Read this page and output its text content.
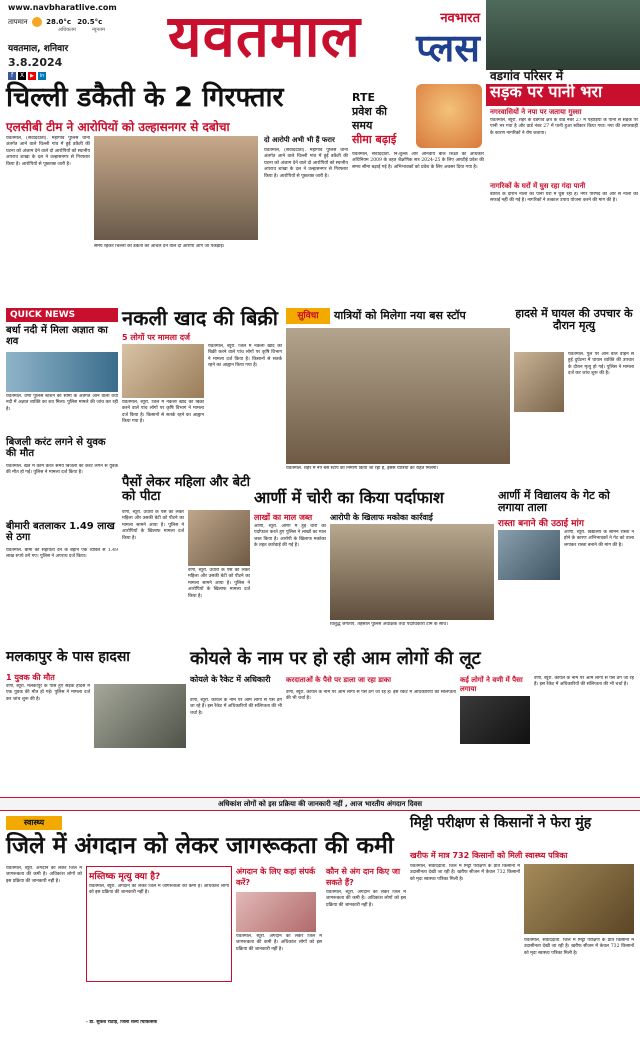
www.navbharatlive.com
तापमान	28.0°c 20.5°c
अधिकतम	न्यूनतम
यवतमाल, शनिवार
3.8.2024
f	X	▶	in
यवतमाल	नवभारत
प्लस
वडगांव परिसर में
सड़क पर पानी भरा
नगरवासियों ने नपा पर जताया गुस्सा
यवतमाल, ब्यूरो. शहर के वडगांव क्षेत्र के वार्ड नंबर 27 में पहाड़ियों के पानी से सड़क पर पानी भर गया है और वार्ड नंबर 27 में पानी हुआ स्वीकार किया गया। नपा की लापरवाही के कारण नागरिकों ने रोष जताया।
नागरिकों के घरों में घुस रहा गंदा पानी
बारिश के दौरान नालों का पानी घरों में घुस रहा है। नगर परिषद की ओर से नालों की सफाई नहीं की गई है। नागरिकों ने तत्काल उपाय योजना करने की मांग की है।
चिल्ली डकैती के 2 गिरफ्तार
एलसीबी टीम ने आरोपियों को उल्हासनगर से दबोचा
यवतमाल, (संवाददाता). महागांव पुलिस थाना अंतर्गत आने वाले चिल्ली गांव में हुई डकैती की घटना को अंजाम देने वाले दो आरोपियों को स्थानीय अपराध शाखा के दल ने उल्हासनगर से गिरफ्तार किया है। आरोपियों से पूछताछ जारी है।
समय रहकर चिल्ली की डकैती की आंचल देने वाले दो आरोपी आगे जा पकड़ाई।
दो आरोपी अभी भी हैं फरार
यवतमाल, (संवाददाता). महागांव पुलिस थाना अंतर्गत आने वाले चिल्ली गांव में हुई डकैती की घटना को अंजाम देने वाले दो आरोपियों को स्थानीय अपराध शाखा के दल ने उल्हासनगर से गिरफ्तार किया है। आरोपियों से पूछताछ जारी है।
RTE
प्रवेश की
समय
सीमा बढ़ाई
यवतमाल, संवाददाता. नि:शुल्क और अनिवार्य बाल शिक्षा का अधिकार अधिनियम 2009 के तहत शैक्षणिक सत्र 2024-25 के लिए आरटीई प्रवेश की समय सीमा बढ़ाई गई है। अभिभावकों को प्रवेश के लिए अवसर दिया गया है।
QUICK NEWS
बर्धा नदी में मिला अज्ञात का शव
यवतमाल. वणी पुलिस स्टेशन की सीमा के अंतर्गत आने वाली वर्धा नदी में अज्ञात व्यक्ति का शव मिला। पुलिस मामले की जांच कर रही है।
बिजली करंट लगने से युवक की मौत
यवतमाल. खेत में काम करते समय बिजली का करंट लगने से युवक की मौत हो गई। पुलिस ने मामला दर्ज किया है।
बीमारी बतलाकर 1.49 लाख से ठगा
यवतमाल. बीमा की सहायता देने के बहाने एक व्यक्ति से 1.49 लाख रुपये ठगे गए। पुलिस ने अपराध दर्ज किया।
नकली खाद की बिक्री
5 लोगों पर मामला दर्ज
यवतमाल, ब्यूरो. जिले में नकली खाद की बिक्री करने वाले पांच लोगों पर कृषि विभाग ने मामला दर्ज किया है। किसानों से सतर्क रहने का आह्वान किया गया है।
यवतमाल, ब्यूरो. जिले में नकली खाद की बिक्री करने वाले पांच लोगों पर कृषि विभाग ने मामला दर्ज किया है। किसानों से सतर्क रहने का आह्वान किया गया है।
सुविधा	यात्रियों को मिलेगा नया बस स्टॉप
यवतमाल. शहर में नए बस स्टॉप का निर्माण किया जा रहा है, इससे यात्रियों को राहत मिलेगी।
हादसे में घायल की उपचार के दौरान मृत्यु
यवतमाल. पुल पर आने वाले वाहन से हुई दुर्घटना में घायल व्यक्ति की उपचार के दौरान मृत्यु हो गई। पुलिस ने मामला दर्ज कर जांच शुरू की है।
पैसों लेकर महिला और बेटी को पीटा
वणी, ब्यूरो. उधारी के पैसे को लेकर महिला और उसकी बेटी को पीटने का मामला सामने आया है। पुलिस ने आरोपियों के खिलाफ मामला दर्ज किया है।
वणी, ब्यूरो. उधारी के पैसे को लेकर महिला और उसकी बेटी को पीटने का मामला सामने आया है। पुलिस ने आरोपियों के खिलाफ मामला दर्ज किया है।
आर्णी में चोरी का किया पर्दाफाश
लाखों का माल जब्त आरोपी के खिलाफ मकोका कार्रवाई
आर्णी, ब्यूरो. आर्णी में हुई चोरी का पर्दाफाश करते हुए पुलिस ने लाखों का माल जब्त किया है। आरोपी के खिलाफ मकोका के तहत कार्रवाई की गई है।
विशुद्ध जगताप, तहसील पुलिस अधीक्षक तथा पदाधिकारी टीम के साथ।
आर्णी में विद्यालय के गेट को लगाया ताला
रास्ता बनाने की उठाई मांग
आर्णी, ब्यूरो. विद्यालय के सामने रास्ता न होने के कारण अभिभावकों ने गेट को ताला लगाकर रास्ता बनाने की मांग की है।
मलकापुर के पास हादसा
1 युवक की मौत
वणी, ब्यूरो. मलकापुर के पास हुए सड़क हादसे में एक युवक की मौत हो गई। पुलिस ने मामला दर्ज कर जांच शुरू की है।
कोयले के नाम पर हो रही आम लोगों की लूट
कोयले के रैकेट में अधिकारी
वणी, ब्यूरो. कोयले के नाम पर आम लोगों से पैसे ठगे जा रहे हैं। इस रैकेट में अधिकारियों की संलिप्तता की भी चर्चा है।
करदाताओं के पैसे पर डाला जा रहा डाका
वणी, ब्यूरो. कोयले के नाम पर आम लोगों से पैसे ठगे जा रहे हैं। इस रैकेट में अधिकारियों की संलिप्तता की भी चर्चा है।
कई लोगों ने वणी में पैसा लगाया
वणी, ब्यूरो. कोयले के नाम पर आम लोगों से पैसे ठगे जा रहे हैं। इस रैकेट में अधिकारियों की संलिप्तता की भी चर्चा है।
अधिकांश लोगों को इस प्रक्रिया की जानकारी नहीं , आज भारतीय अंगदान दिवस
स्वास्थ्य
जिले में अंगदान को लेकर जागरूकता की कमी
यवतमाल, ब्यूरो. अंगदान को लेकर जिले में जागरूकता की कमी है। अधिकांश लोगों को इस प्रक्रिया की जानकारी नहीं है।	मस्तिष्क मृत्यु क्या है?
यवतमाल, ब्यूरो. अंगदान को लेकर जिले में जागरूकता की कमी है। अधिकांश लोगों को इस प्रक्रिया की जानकारी नहीं है।
अंगदान के लिए कहां संपर्क करें?
यवतमाल, ब्यूरो. अंगदान को लेकर जिले में जागरूकता की कमी है। अधिकांश लोगों को इस प्रक्रिया की जानकारी नहीं है।
कौन से अंग दान किए जा सकते हैं?
यवतमाल, ब्यूरो. अंगदान को लेकर जिले में जागरूकता की कमी है। अधिकांश लोगों को इस प्रक्रिया की जानकारी नहीं है।
- डॉ. सुकेश राठोड़, जिला शल्य चिकित्सक
मिट्टी परीक्षण से किसानों ने फेरा मुंह
खरीफ में मात्र 732 किसानों को मिली स्वास्थ्य पत्रिका
यवतमाल, संवाददाता. जिले में मिट्टी परीक्षण के प्रति किसानों में उदासीनता देखी जा रही है। खरीफ सीजन में केवल 732 किसानों को मृदा स्वास्थ्य पत्रिका मिली है।
यवतमाल, संवाददाता. जिले में मिट्टी परीक्षण के प्रति किसानों में उदासीनता देखी जा रही है। खरीफ सीजन में केवल 732 किसानों को मृदा स्वास्थ्य पत्रिका मिली है।
